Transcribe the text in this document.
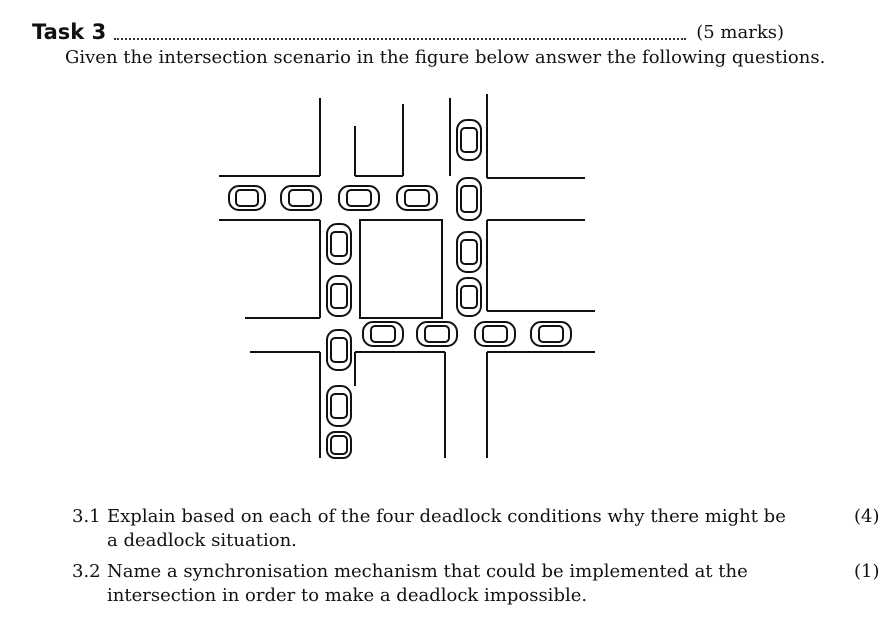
Task 3	(5 marks)
Given the intersection scenario in the figure below answer the following questions.
3.1 Explain based on each of the four deadlock conditions why there might be a deadlock situation.
(4)
3.2 Name a synchronisation mechanism that could be implemented at the intersection in order to make a deadlock impossible.
(1)
